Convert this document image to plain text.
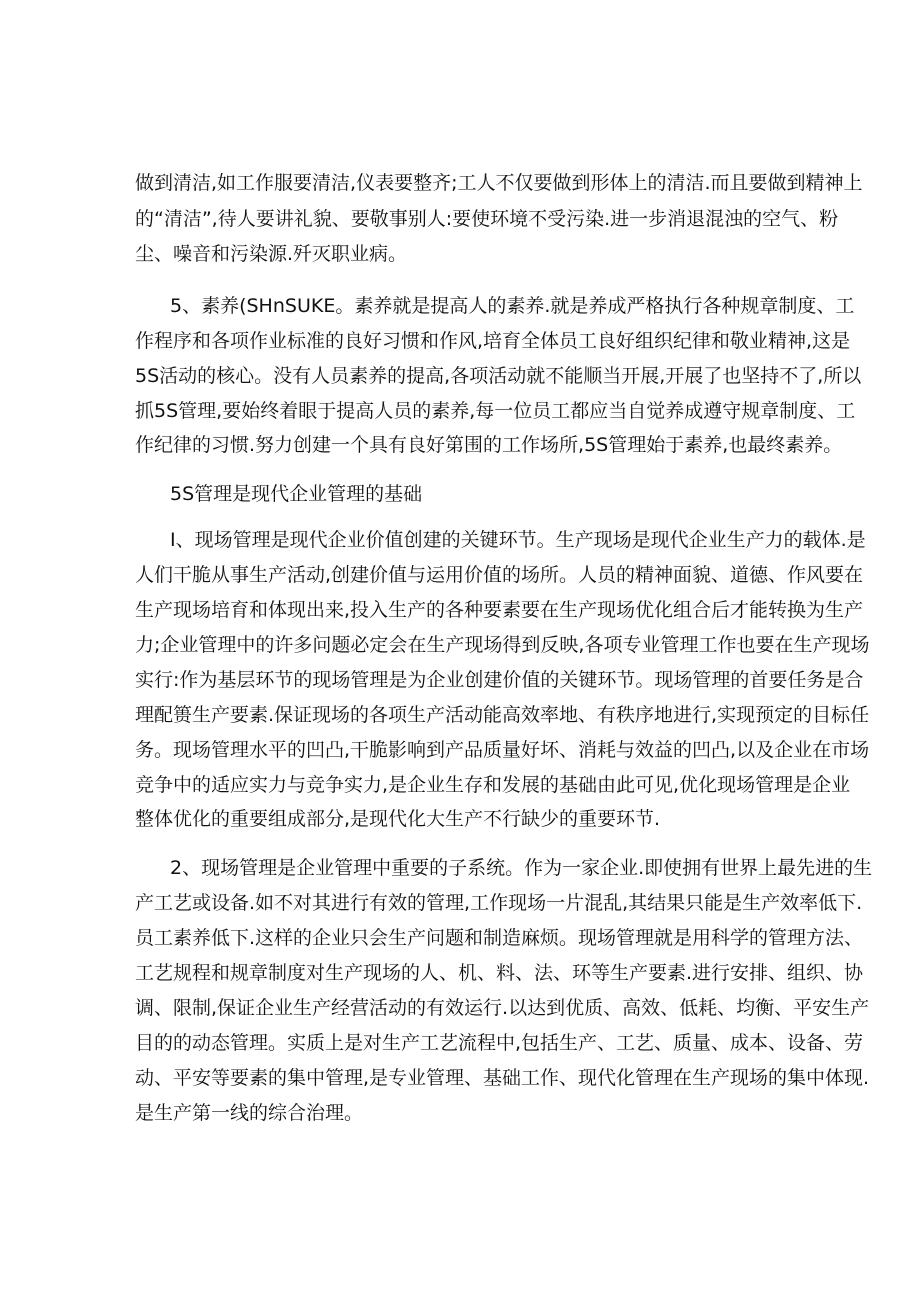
做到清洁,如工作服要清洁,仪表要整齐;工人不仅要做到形体上的清洁.而且要做到精神上
的“清洁”,待人要讲礼貌、要敬事别人:要使环境不受污染.进一步消退混浊的空气、粉
尘、噪音和污染源.歼灭职业病。
5、素养(SHnSUKE。素养就是提高人的素养.就是养成严格执行各种规章制度、工
作程序和各项作业标准的良好习惯和作风,培育全体员工良好组织纪律和敬业精神,这是
5S活动的核心。没有人员素养的提高,各项活动就不能顺当开展,开展了也坚持不了,所以
抓5S管理,要始终着眼于提高人员的素养,每一位员工都应当自觉养成遵守规章制度、工
作纪律的习惯.努力创建一个具有良好第围的工作场所,5S管理始于素养,也最终素养。
5S管理是现代企业管理的基础
I、现场管理是现代企业价值创建的关键环节。生产现场是现代企业生产力的载体.是
人们干脆从事生产活动,创建价值与运用价值的场所。人员的精神面貌、道德、作风要在
生产现场培育和体现出来,投入生产的各种要素要在生产现场优化组合后才能转换为生产
力;企业管理中的许多问题必定会在生产现场得到反映,各项专业管理工作也要在生产现场
实行:作为基层环节的现场管理是为企业创建价值的关键环节。现场管理的首要任务是合
理配篑生产要素.保证现场的各项生产活动能高效率地、有秩序地进行,实现预定的目标任
务。现场管理水平的凹凸,干脆影响到产品质量好坏、消耗与效益的凹凸,以及企业在市场
竞争中的适应实力与竞争实力,是企业生存和发展的基础由此可见,优化现场管理是企业
整体优化的重要组成部分,是现代化大生产不行缺少的重要环节.
2、现场管理是企业管理中重要的子系统。作为一家企业.即使拥有世界上最先进的生
产工艺或设备.如不对其进行有效的管理,工作现场一片混乱,其结果只能是生产效率低下.
员工素养低下.这样的企业只会生产问题和制造麻烦。现场管理就是用科学的管理方法、
工艺规程和规章制度对生产现场的人、机、料、法、环等生产要素.进行安排、组织、协
调、限制,保证企业生产经营活动的有效运行.以达到优质、高效、低耗、均衡、平安生产
目的的动态管理。实质上是对生产工艺流程中,包括生产、工艺、质量、成本、设备、劳
动、平安等要素的集中管理,是专业管理、基础工作、现代化管理在生产现场的集中体现.
是生产第一线的综合治理。
